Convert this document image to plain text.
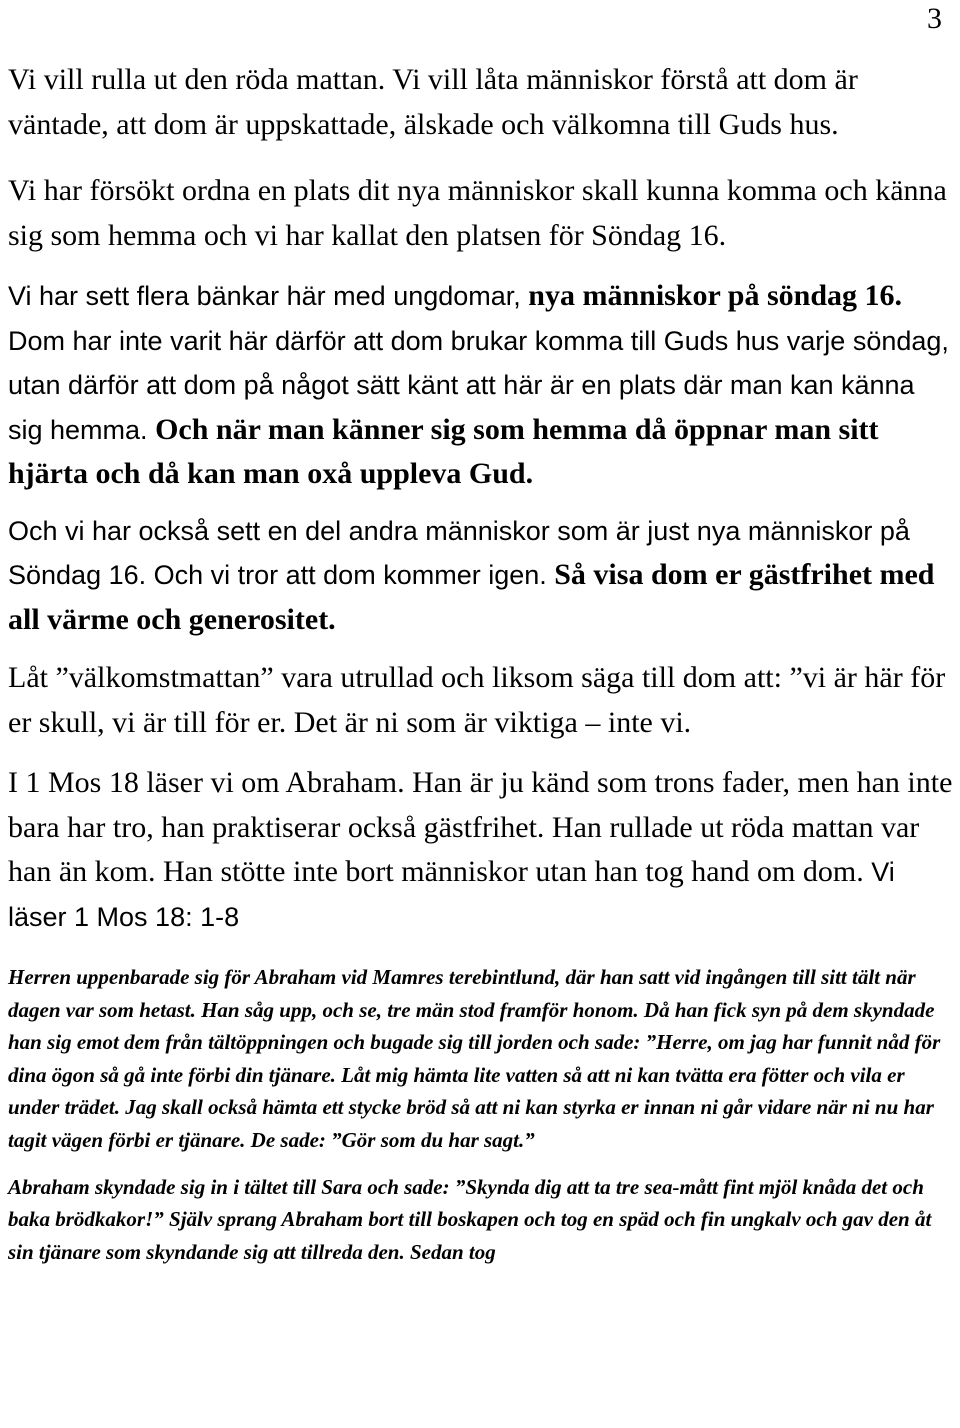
3

Vi vill rulla ut den röda mattan. Vi vill låta människor förstå att dom är väntade, att dom är uppskattade, älskade och välkomna till Guds hus.

Vi har försökt ordna en plats dit nya människor skall kunna komma och känna sig som hemma och vi har kallat den platsen för Söndag 16.

Vi har sett flera bänkar här med ungdomar, nya människor på söndag 16. Dom har inte varit här därför att dom brukar komma till Guds hus varje söndag, utan därför att dom på något sätt känt att här är en plats där man kan känna sig hemma. Och när man känner sig som hemma då öppnar man sitt hjärta och då kan man oxå uppleva Gud.

Och vi har också sett en del andra människor som är just nya människor på Söndag 16. Och vi tror att dom kommer igen. Så visa dom er gästfrihet med all värme och generositet.

Låt ”välkomstmattan” vara utrullad och liksom säga till dom att: ”vi är här för er skull, vi är till för er. Det är ni som är viktiga – inte vi.

I 1 Mos 18 läser vi om Abraham. Han är ju känd som trons fader, men han inte bara har tro, han praktiserar också gästfrihet. Han rullade ut röda mattan var han än kom. Han stötte inte bort människor utan han tog hand om dom. Vi läser 1 Mos 18: 1-8

Herren uppenbarade sig för Abraham vid Mamres terebintlund, där han satt vid ingången till sitt tält när dagen var som hetast. Han såg upp, och se, tre män stod framför honom. Då han fick syn på dem skyndade han sig emot dem från tältöppningen och bugade sig till jorden och sade: ”Herre, om jag har funnit nåd för dina ögon så gå inte förbi din tjänare. Låt mig hämta lite vatten så att ni kan tvätta era fötter och vila er under trädet. Jag skall också hämta ett stycke bröd så att ni kan styrka er innan ni går vidare när ni nu har tagit vägen förbi er tjänare. De sade: ”Gör som du har sagt.”

Abraham skyndade sig in i tältet till Sara och sade: ”Skynda dig att ta tre sea-mått fint mjöl knåda det och baka brödkakor!” Själv sprang Abraham bort till boskapen och tog en späd och fin ungkalv och gav den åt sin tjänare som skyndande sig att tillreda den. Sedan tog
